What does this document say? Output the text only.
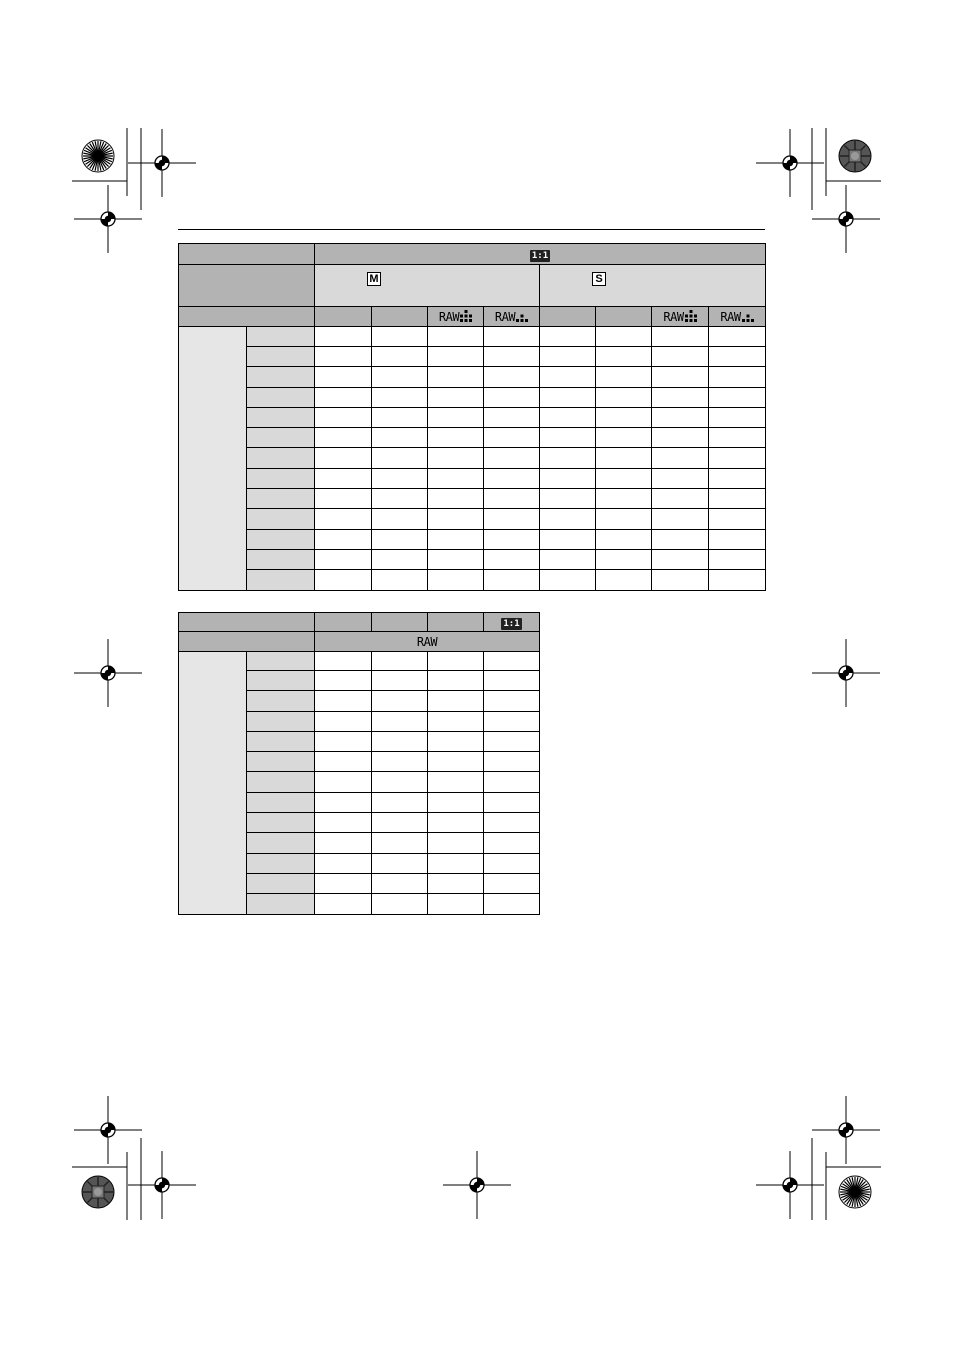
		1:1							
		M				S			
				RAW	RAW			RAW	RAW

					1:1
		RAW			
